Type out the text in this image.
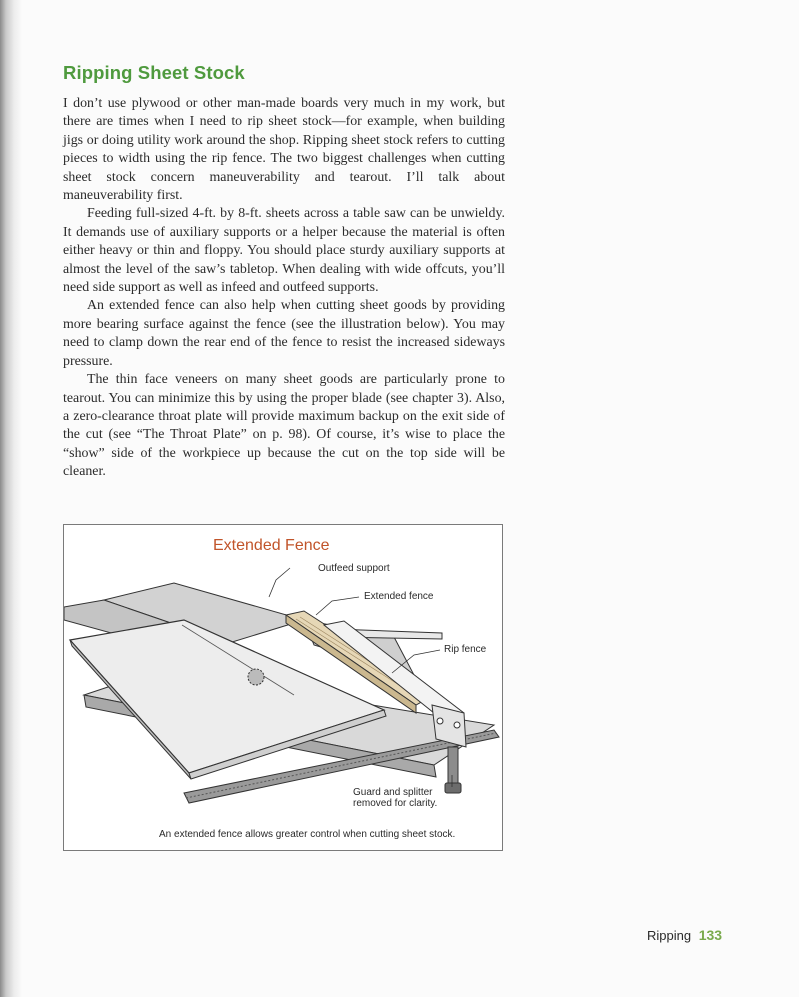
Ripping Sheet Stock

I don’t use plywood or other man-made boards very much in my work, but there are times when I need to rip sheet stock—for example, when building jigs or doing utility work around the shop. Ripping sheet stock refers to cutting pieces to width using the rip fence. The two biggest challenges when cutting sheet stock concern maneuverability and tearout. I’ll talk about maneuverability first.

Feeding full-sized 4-ft. by 8-ft. sheets across a table saw can be unwieldy. It demands use of auxiliary supports or a helper because the material is often either heavy or thin and floppy. You should place sturdy auxiliary supports at almost the level of the saw’s tabletop. When dealing with wide offcuts, you’ll need side support as well as infeed and outfeed supports.

An extended fence can also help when cutting sheet goods by providing more bearing surface against the fence (see the illustration below). You may need to clamp down the rear end of the fence to resist the increased sideways pressure.

The thin face veneers on many sheet goods are particularly prone to tearout. You can minimize this by using the proper blade (see chapter 3). Also, a zero-clearance throat plate will provide maximum backup on the exit side of the cut (see “The Throat Plate” on p. 98). Of course, it’s wise to place the “show” side of the workpiece up because the cut on the top side will be cleaner.

Extended Fence
Outfeed support
Extended fence
Rip fence
Guard and splitter
removed for clarity.
An extended fence allows greater control when cutting sheet stock.
Ripping 133
